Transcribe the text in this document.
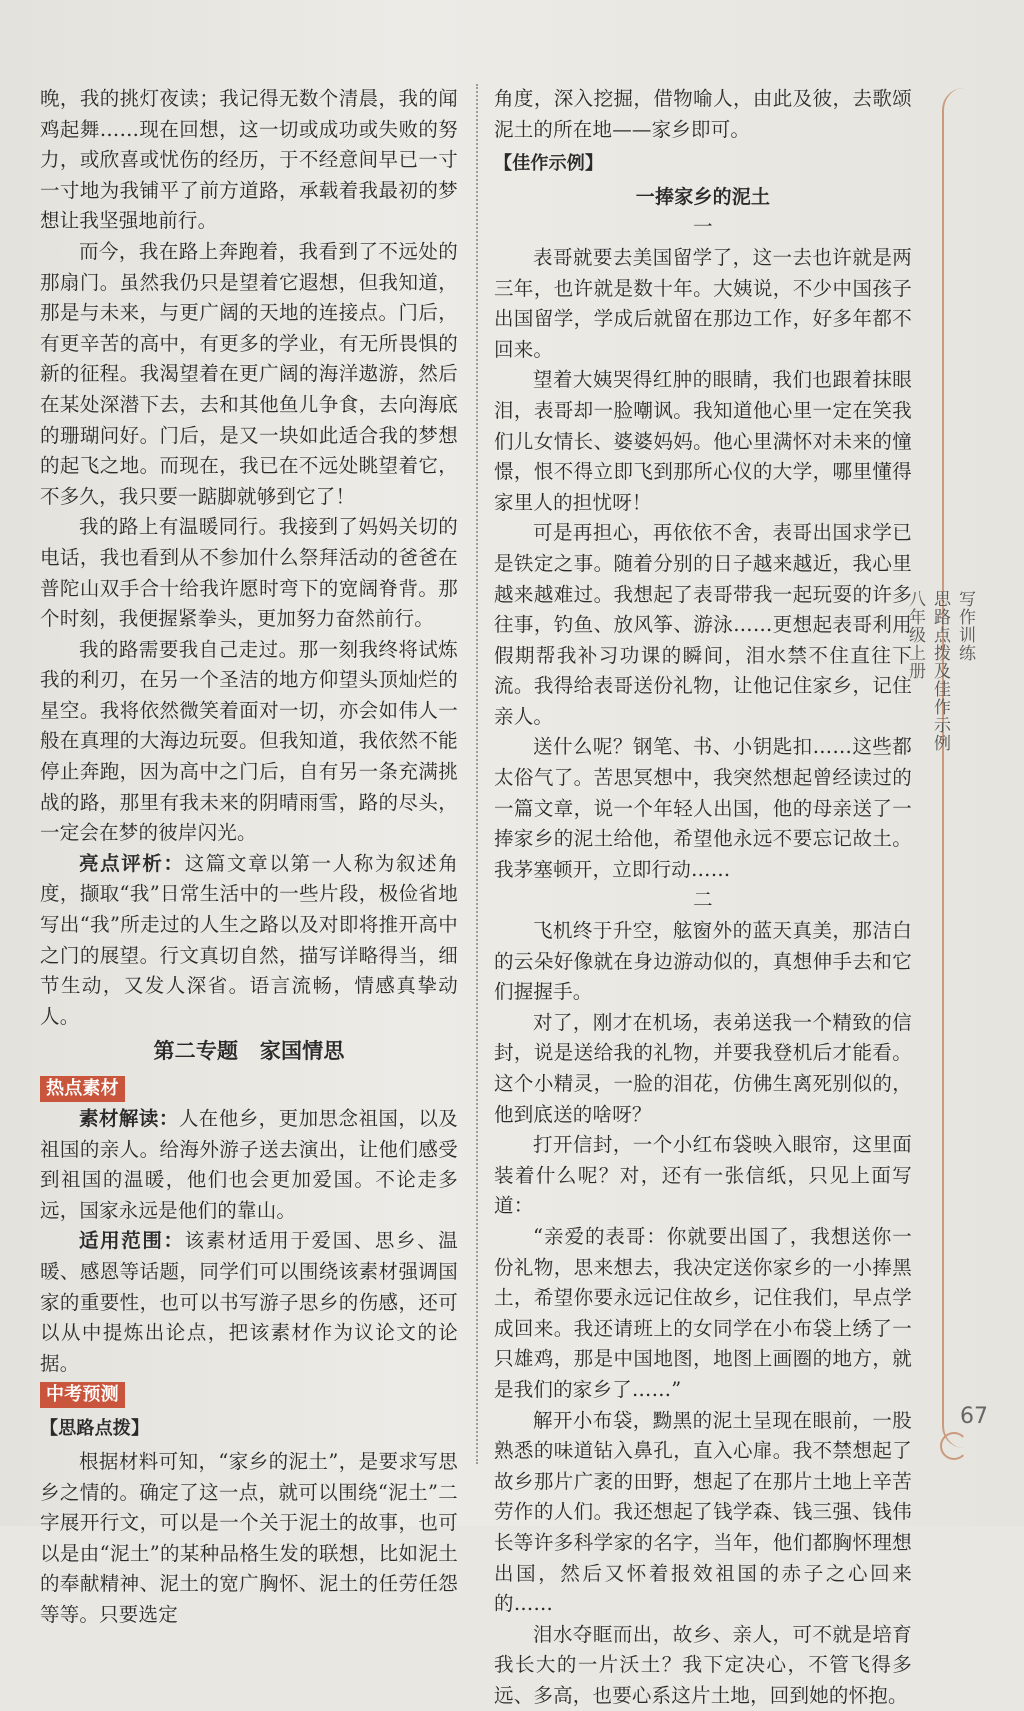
晚，我的挑灯夜读；我记得无数个清晨，我的闻鸡起舞……现在回想，这一切或成功或失败的努力，或欣喜或忧伤的经历，于不经意间早已一寸一寸地为我铺平了前方道路，承载着我最初的梦想让我坚强地前行。

而今，我在路上奔跑着，我看到了不远处的那扇门。虽然我仍只是望着它遐想，但我知道，那是与未来，与更广阔的天地的连接点。门后，有更辛苦的高中，有更多的学业，有无所畏惧的新的征程。我渴望着在更广阔的海洋遨游，然后在某处深潜下去，去和其他鱼儿争食，去向海底的珊瑚问好。门后，是又一块如此适合我的梦想的起飞之地。而现在，我已在不远处眺望着它，不多久，我只要一踮脚就够到它了！

我的路上有温暖同行。我接到了妈妈关切的电话，我也看到从不参加什么祭拜活动的爸爸在普陀山双手合十给我许愿时弯下的宽阔脊背。那个时刻，我便握紧拳头，更加努力奋然前行。

我的路需要我自己走过。那一刻我终将试炼我的利刃，在另一个圣洁的地方仰望头顶灿烂的星空。我将依然微笑着面对一切，亦会如伟人一般在真理的大海边玩耍。但我知道，我依然不能停止奔跑，因为高中之门后，自有另一条充满挑战的路，那里有我未来的阴晴雨雪，路的尽头，一定会在梦的彼岸闪光。

亮点评析：这篇文章以第一人称为叙述角度，撷取“我”日常生活中的一些片段，极俭省地写出“我”所走过的人生之路以及对即将推开高中之门的展望。行文真切自然，描写详略得当，细节生动，又发人深省。语言流畅，情感真挚动人。

第二专题 家国情思
热点素材

素材解读：人在他乡，更加思念祖国，以及祖国的亲人。给海外游子送去演出，让他们感受到祖国的温暖，他们也会更加爱国。不论走多远，国家永远是他们的靠山。

适用范围：该素材适用于爱国、思乡、温暖、感恩等话题，同学们可以围绕该素材强调国家的重要性，也可以书写游子思乡的伤感，还可以从中提炼出论点，把该素材作为议论文的论据。

中考预测
【思路点拨】

根据材料可知，“家乡的泥土”，是要求写思乡之情的。确定了这一点，就可以围绕“泥土”二字展开行文，可以是一个关于泥土的故事，也可以是由“泥土”的某种品格生发的联想，比如泥土的奉献精神、泥土的宽广胸怀、泥土的任劳任怨等等。只要选定

角度，深入挖掘，借物喻人，由此及彼，去歌颂泥土的所在地——家乡即可。

【佳作示例】
一捧家乡的泥土

一

表哥就要去美国留学了，这一去也许就是两三年，也许就是数十年。大姨说，不少中国孩子出国留学，学成后就留在那边工作，好多年都不回来。

望着大姨哭得红肿的眼睛，我们也跟着抹眼泪，表哥却一脸嘲讽。我知道他心里一定在笑我们儿女情长、婆婆妈妈。他心里满怀对未来的憧憬，恨不得立即飞到那所心仪的大学，哪里懂得家里人的担忧呀！

可是再担心，再依依不舍，表哥出国求学已是铁定之事。随着分别的日子越来越近，我心里越来越难过。我想起了表哥带我一起玩耍的许多往事，钓鱼、放风筝、游泳……更想起表哥利用假期帮我补习功课的瞬间，泪水禁不住直往下流。我得给表哥送份礼物，让他记住家乡，记住亲人。

送什么呢？钢笔、书、小钥匙扣……这些都太俗气了。苦思冥想中，我突然想起曾经读过的一篇文章，说一个年轻人出国，他的母亲送了一捧家乡的泥土给他，希望他永远不要忘记故土。我茅塞顿开，立即行动……

二

飞机终于升空，舷窗外的蓝天真美，那洁白的云朵好像就在身边游动似的，真想伸手去和它们握握手。

对了，刚才在机场，表弟送我一个精致的信封，说是送给我的礼物，并要我登机后才能看。这个小精灵，一脸的泪花，仿佛生离死别似的，他到底送的啥呀？

打开信封，一个小红布袋映入眼帘，这里面装着什么呢？对，还有一张信纸，只见上面写道：

“亲爱的表哥：你就要出国了，我想送你一份礼物，思来想去，我决定送你家乡的一小捧黑土，希望你要永远记住故乡，记住我们，早点学成回来。我还请班上的女同学在小布袋上绣了一只雄鸡，那是中国地图，地图上画圈的地方，就是我们的家乡了……”

解开小布袋，黝黑的泥土呈现在眼前，一股熟悉的味道钻入鼻孔，直入心扉。我不禁想起了故乡那片广袤的田野，想起了在那片土地上辛苦劳作的人们。我还想起了钱学森、钱三强、钱伟长等许多科学家的名字，当年，他们都胸怀理想出国，然后又怀着报效祖国的赤子之心回来的……

泪水夺眶而出，故乡、亲人，可不就是培育我长大的一片沃土？我下定决心，不管飞得多远、多高，也要心系这片土地，回到她的怀抱。

写作训练
思路点拨及佳作示例
八年级上册
67
